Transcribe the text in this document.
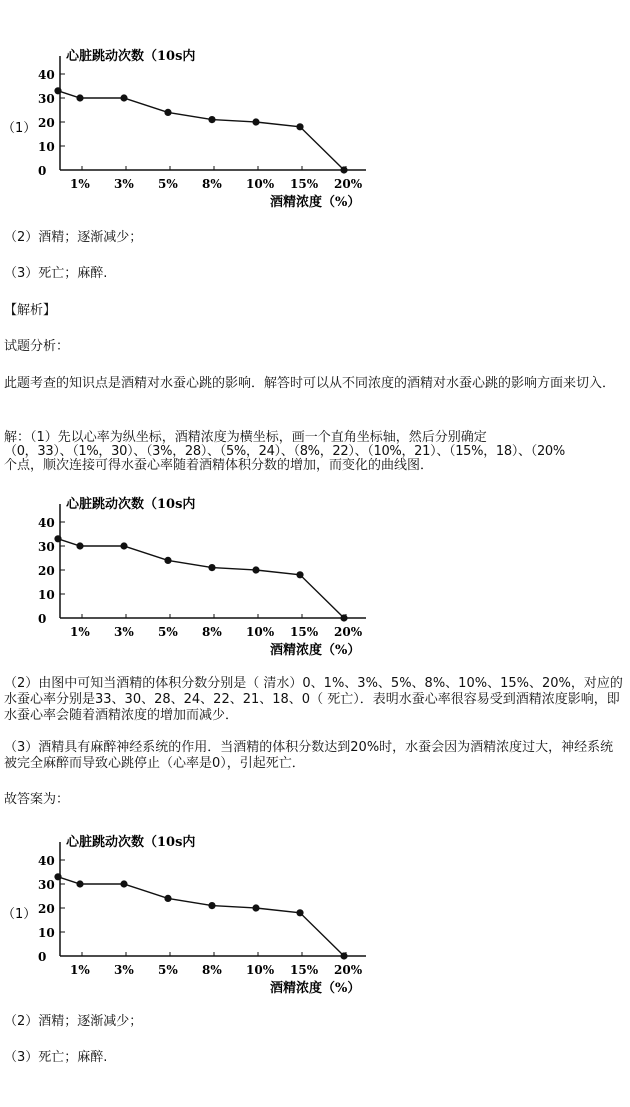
（1）
心脏跳动次数（10s内
40
30
20
10
0
1% 3% 5% 8% 10% 15% 20%
酒精浓度（%）
（2）酒精；逐渐减少；
（3）死亡；麻醉.
【解析】
试题分析：
此题考查的知识点是酒精对水蚕心跳的影响．解答时可以从不同浓度的酒精对水蚕心跳的影响方面来切入．
解：（1）先以心率为纵坐标，酒精浓度为横坐标，画一个直角坐标轴，然后分别确定
（0，33）、（1%，30）、（3%，28）、（5%，24）、（8%，22）、（10%，21）、（15%，18）、（20%
个点，顺次连接可得水蚕心率随着酒精体积分数的增加，而变化的曲线图．
心脏跳动次数（10s内
40
30
20
10
0
1% 3% 5% 8% 10% 15% 20%
酒精浓度（%）
（2）由图中可知当酒精的体积分数分别是（ 清水）0、1%、3%、5%、8%、10%、15%、20%，对应的水蚕心率分别是33、30、28、24、22、21、18、0（ 死亡）．表明水蚕心率很容易受到酒精浓度影响，即水蚕心率会随着酒精浓度的增加而减少．
（3）酒精具有麻醉神经系统的作用．当酒精的体积分数达到20%时，水蚕会因为酒精浓度过大，神经系统被完全麻醉而导致心跳停止（心率是0），引起死亡．
故答案为：
（1）
心脏跳动次数（10s内
40
30
20
10
0
1% 3% 5% 8% 10% 15% 20%
酒精浓度（%）
（2）酒精；逐渐减少；
（3）死亡；麻醉.
